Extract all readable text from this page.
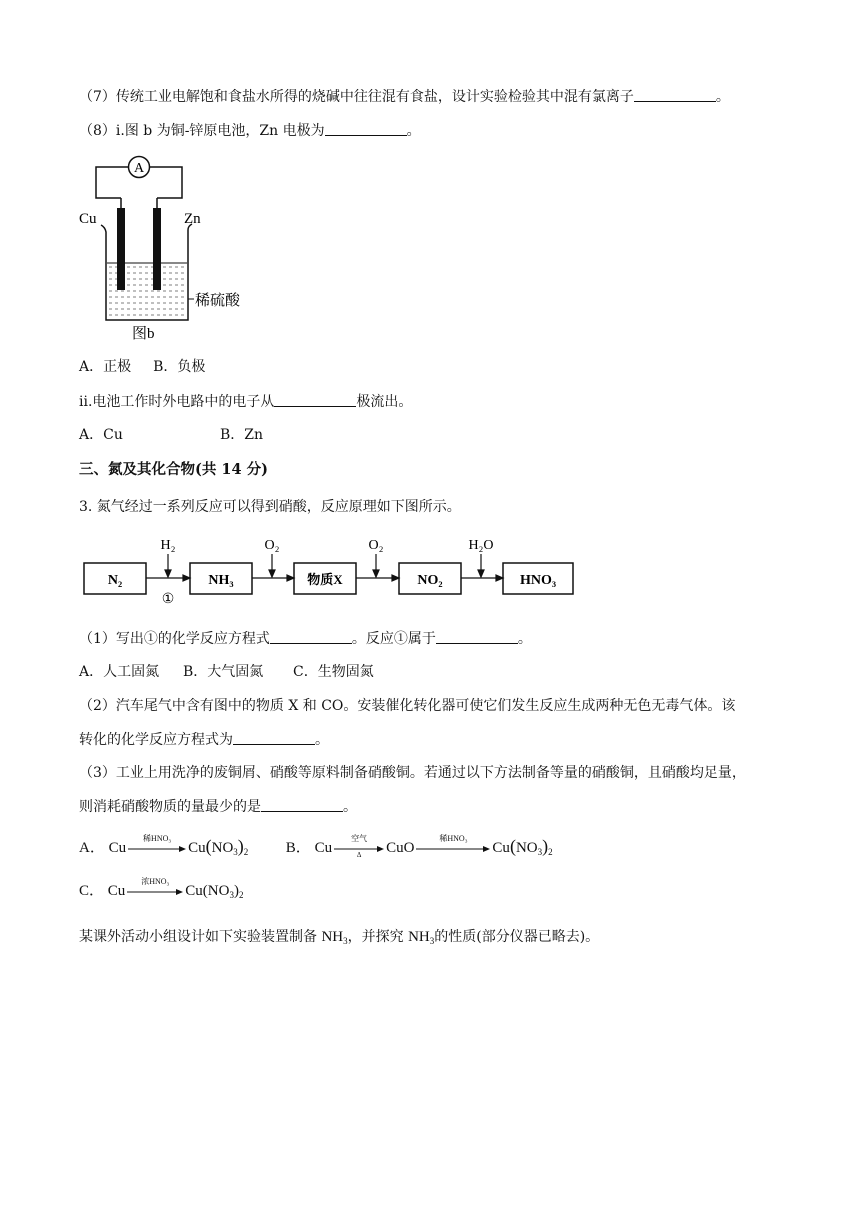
（7）传统工业电解饱和食盐水所得的烧碱中往往混有食盐，设计实验检验其中混有氯离子	。
（8）i.图 b 为铜-锌原电池，Zn 电极为	。
A
Cu	Zn
稀硫酸
图b
A．正极 B．负极
ii.电池工作时外电路中的电子从	极流出。
A．Cu	B．Zn
三、氮及其化合物(共 14 分)
3. 氮气经过一系列反应可以得到硝酸，反应原理如下图所示。
N₂	NH₃	物质X	NO₂	HNO₃
H₂	O₂	O₂	H₂O
①
（1）写出①的化学反应方程式	。反应①属于	。
A．人工固氮 B．大气固氮 C．生物固氮
（2）汽车尾气中含有图中的物质 X 和 CO。安装催化转化器可使它们发生反应生成两种无色无毒气体。该
转化的化学反应方程式为	。
（3）工业上用洗净的废铜屑、硝酸等原料制备硝酸铜。若通过以下方法制备等量的硝酸铜，且硝酸均足量，
则消耗硝酸物质的量最少的是	。
A． Cu
稀HNO₃
$Cu(NO_3)_2$	B． Cu
空气
Δ	CuO
稀HNO₃
$Cu(NO_3)_2$
C． Cu
浓HNO₃
$Cu(NO_3)_2$
某课外活动小组设计如下实验装置制备 $NH_3$，并探究 $NH_3$的性质(部分仪器已略去)。
